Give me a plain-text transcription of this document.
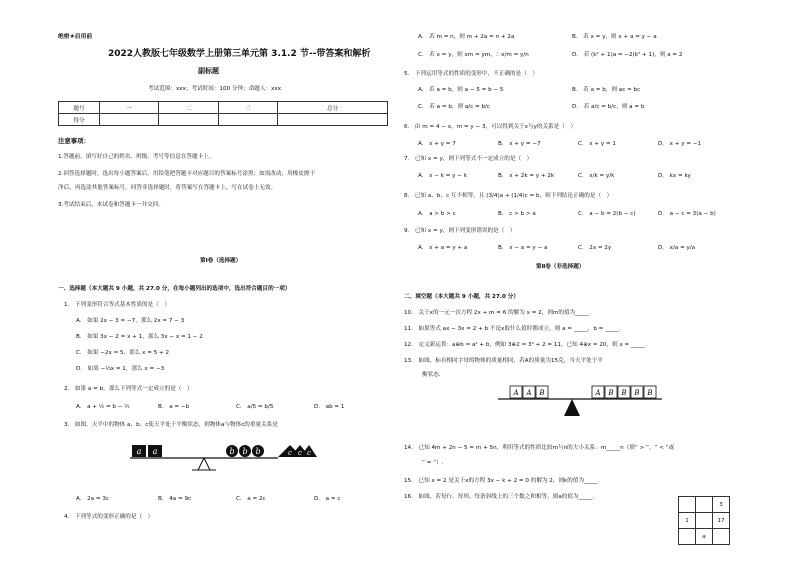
绝密★启用前
2022人教版七年级数学上册第三单元第 3.1.2 节--带答案和解析
副标题
考试范围：xxx；考试时间：100 分钟；命题人：xxx
题号	一	二	三	总分
得分				
注意事项：
1.答题前，填写好自己的姓名、班级、考号等信息在答题卡上。
2.回答选择题时，选出每小题答案后，用铅笔把答题卡对应题目的答案标号涂黑；如需改动，用橡皮擦干
净后，再选涂其他答案标号。回答非选择题时，将答案写在答题卡上，写在试卷上无效。
3.考试结束后，本试卷和答题卡一并交回。
第Ⅰ卷（选择题）
一、选择题（本大题共 9 小题，共 27.0 分，在每小题列出的选项中，选出符合题目的一项）
1.　下列变形符合等式基本性质的是（　）
A.　如果 2x − 3 = −7，那么 2x = 7 − 3
B.　如果 3x − 2 = x + 1，那么 3x − x = 1 − 2
C.　如果 −2x = 5，那么 x = 5 + 2
D.　如果 −⅓x = 1，那么 x = −3
2.　如果 a = b，那么下列等式一定成立的是（　）
A.　a + ½ = b − ½	B.　a = −b	C.　a/5 = b/5	D.　ab = 1
3.　如图，天平中的物体 a、b、c使天平处于平衡状态，则物体a与物体c的重量关系是
a a	b b b	c c c
A.　2a = 3c	B.　4a = 9c	C.　a = 2c	D.　a = c
4.　下列等式的变形正确的是（　）
A.　若 m = n，则 m + 2a = n + 2a	B.　若 x = y，则 x + a = y − a
C.　若 x = y，则 xm = ym，∴ x/m = y/n	D.　若 (k² + 1)a = −2(k² + 1)，则 a = 2
5.　下列运用等式的性质的变形中，不正确的是（　）
A.　若 a = b，则 a − 5 = b − 5	B.　若 a = b，则 ac = bc
C.　若 a = b，则 a/c = b/c	D.　若 a/c = b/c，则 a = b
6.　由 m = 4 − x，m = y − 3，可以得到关于x与y的关系是（　）
A.　x + y = 7	B.　x + y = −7	C.　x + y = 1	D.　x + y = −1
7.　已知 x = y，则下列等式不一定成立的是（　）
A.　x − k = y − k	B.　x + 2k = y + 2k	C.　x/k = y/k	D.　kx = ky
8.　已知 a、b、c 互不相等，且 (3/4)a + (1/4)c = b，则下列结论正确的是（　）
A.　a > b > c	B.　c > b > a	C.　a − b = 2(b − c)	D.　a − c = 3(a − b)
9.　已知 x = y，则下列变形错误的是（　）
A.　x + a = y + a	B.　x − a = y − a	C.　2x = 2y	D.　x/a = y/a
第Ⅱ卷（非选择题）
二、填空题（本大题共 9 小题，共 27.0 分）
10.　关于x的一元一次方程 2x + m = 6 的解为 x = 2，则m的值为_____.
11.　如果等式 ax − 3x = 2 + b 不论x取什么值时都成立，则 a = _____，b = _____.
12.　定义新运算：a⊕b = a² + b，例如 3⊕2 = 3² + 2 = 11，已知 4⊕x = 20，则 x = _____.
13.　如图，标有相同字母的物体的质量相同，若A的质量为15克，当天平处于平
衡状态.
A A B	A B B B B
14.　已知 4m + 2n − 5 = m + 5n，利用等式的性质比较m与n的大小关系：m_____n（填“ > ”，“ < ”或
“ = ”）.
15.　已知 x = 2 是关于x的方程 3x − k + 2 = 0 的解为 2，则k的值为_____.
16.　如图，若每行、每列、每条斜线上的三个数之和相等，则a的值为_____.
		3
1		17
	a	
